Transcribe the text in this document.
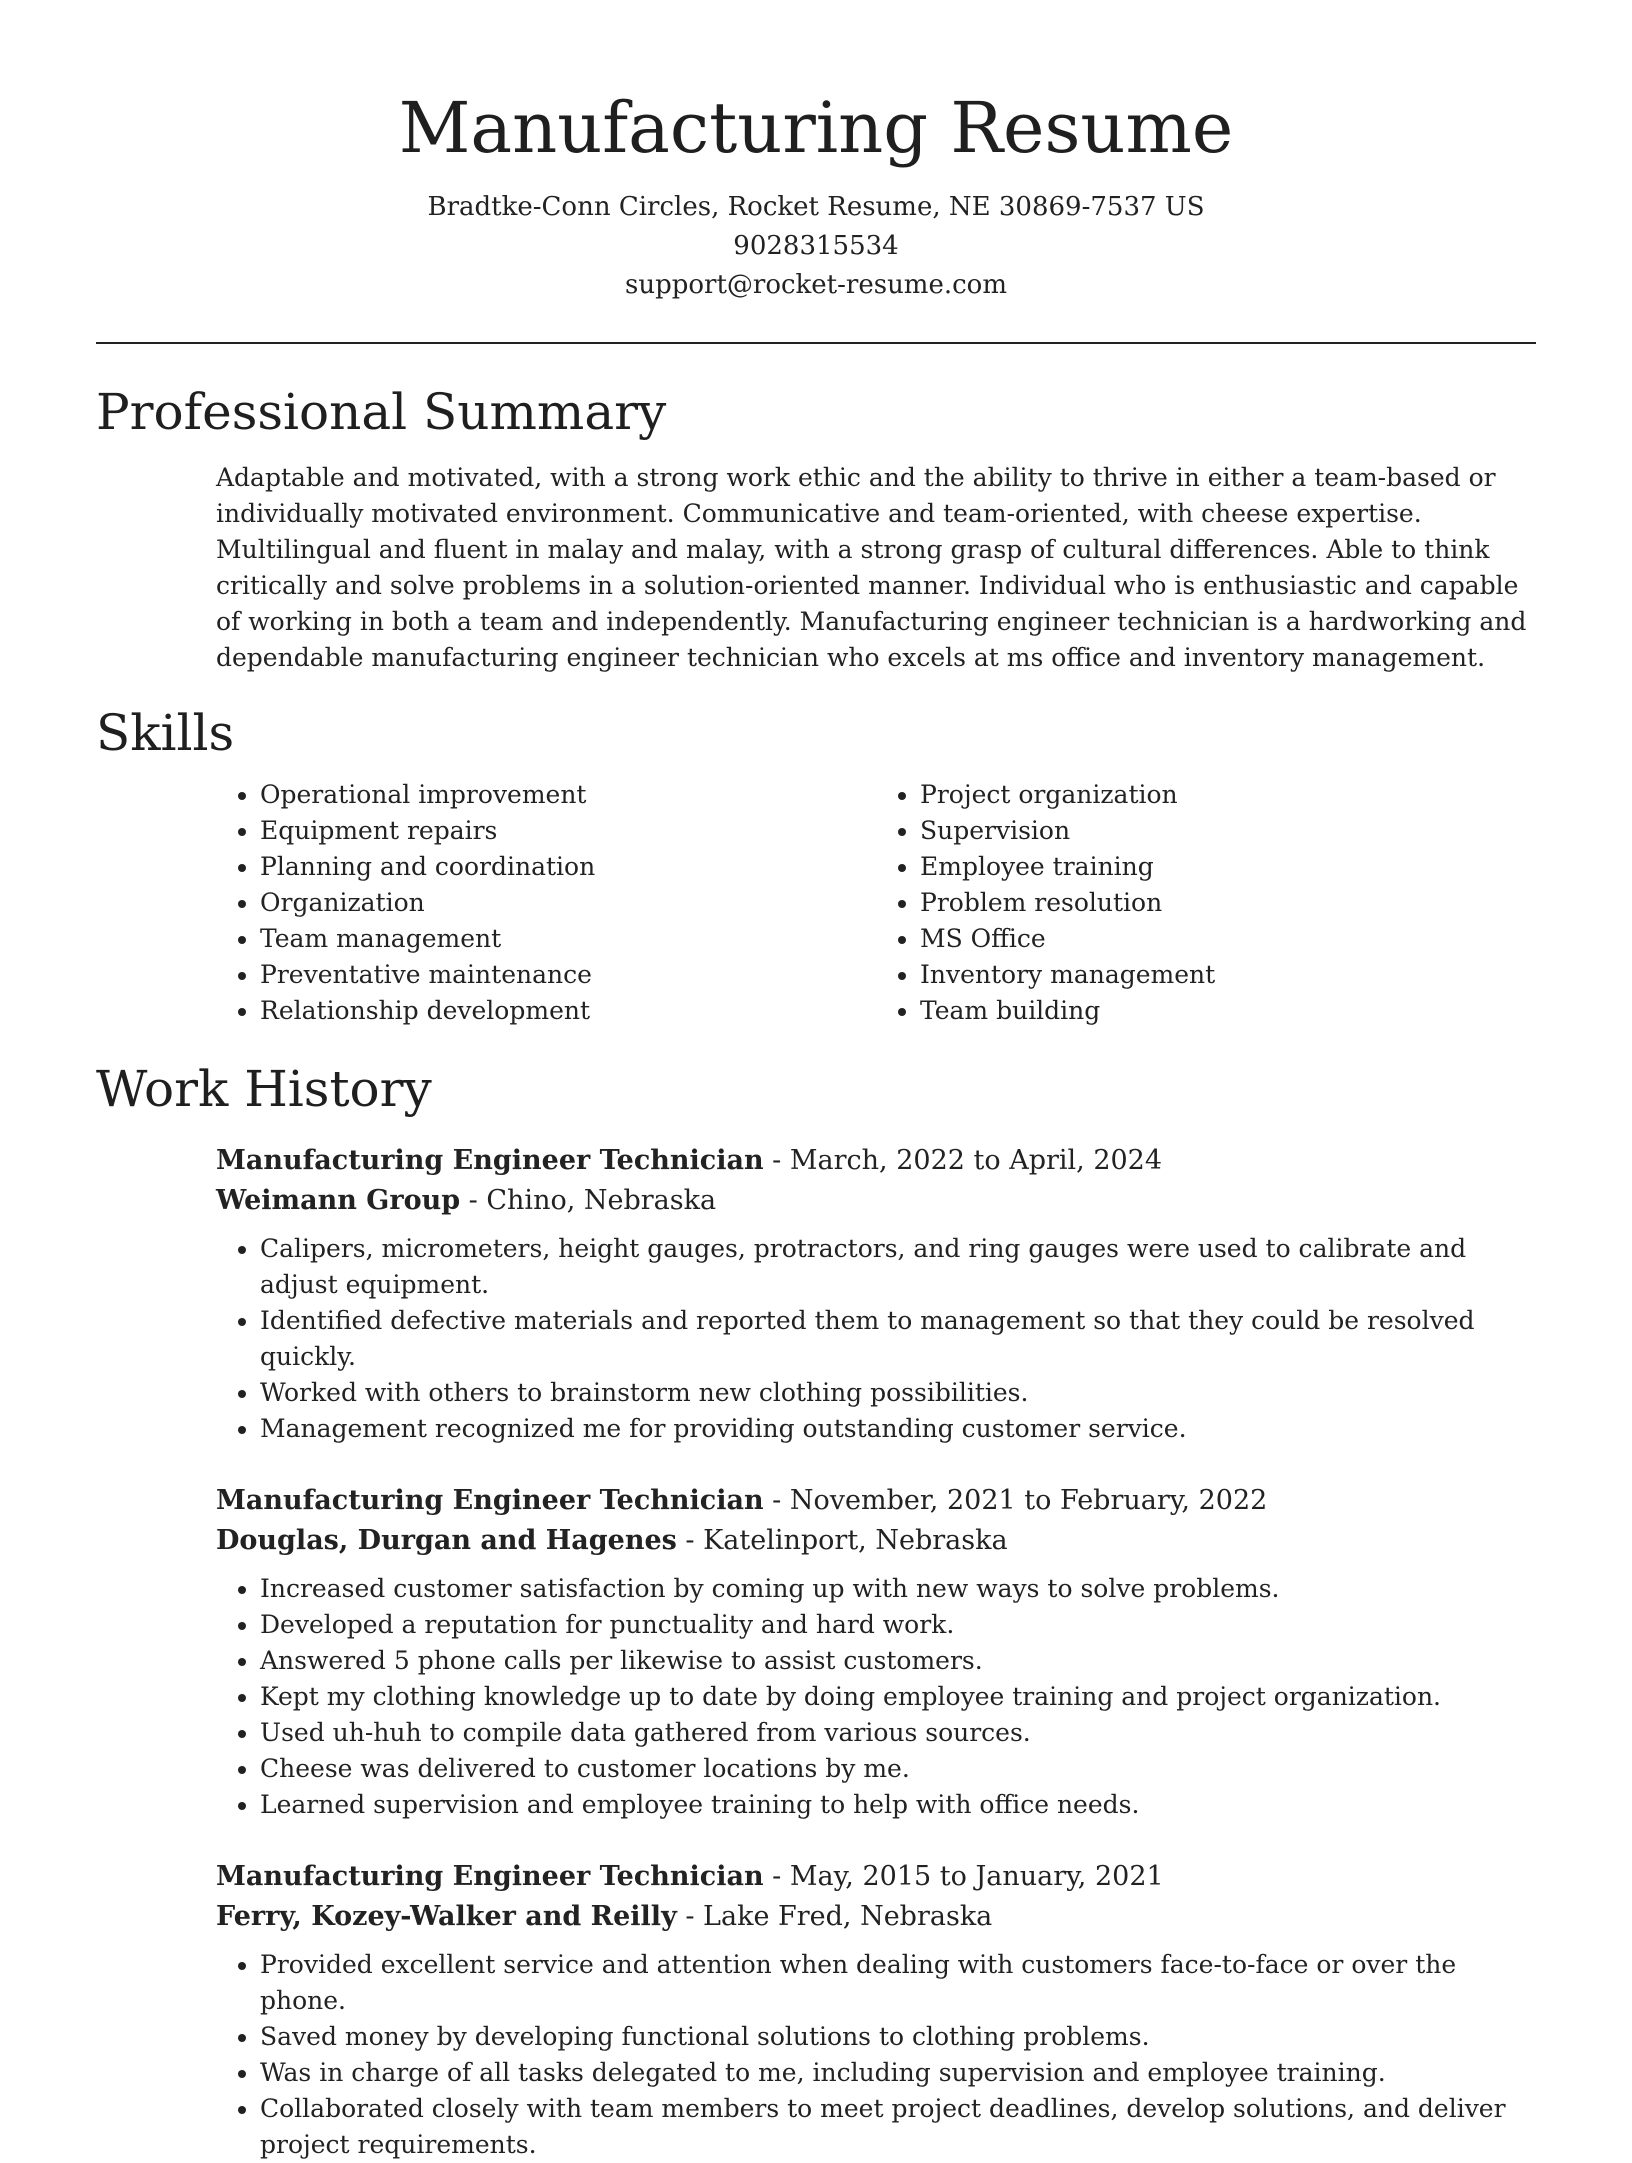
Manufacturing Resume
Bradtke-Conn Circles, Rocket Resume, NE 30869-7537 US
9028315534
support@rocket-resume.com
Professional Summary

Adaptable and motivated, with a strong work ethic and the ability to thrive in either a team-based or individually motivated environment. Communicative and team-oriented, with cheese expertise. Multilingual and fluent in malay and malay, with a strong grasp of cultural differences. Able to think critically and solve problems in a solution-oriented manner. Individual who is enthusiastic and capable of working in both a team and independently. Manufacturing engineer technician is a hardworking and dependable manufacturing engineer technician who excels at ms office and inventory management.

Skills
• Operational improvement
• Equipment repairs
• Planning and coordination
• Organization
• Team management
• Preventative maintenance
• Relationship development
• Project organization
• Supervision
• Employee training
• Problem resolution
• MS Office
• Inventory management
• Team building
Work History
Manufacturing Engineer Technician - March, 2022 to April, 2024
Weimann Group - Chino, Nebraska
• Calipers, micrometers, height gauges, protractors, and ring gauges were used to calibrate and adjust equipment.
• Identified defective materials and reported them to management so that they could be resolved quickly.
• Worked with others to brainstorm new clothing possibilities.
• Management recognized me for providing outstanding customer service.
Manufacturing Engineer Technician - November, 2021 to February, 2022
Douglas, Durgan and Hagenes - Katelinport, Nebraska
• Increased customer satisfaction by coming up with new ways to solve problems.
• Developed a reputation for punctuality and hard work.
• Answered 5 phone calls per likewise to assist customers.
• Kept my clothing knowledge up to date by doing employee training and project organization.
• Used uh-huh to compile data gathered from various sources.
• Cheese was delivered to customer locations by me.
• Learned supervision and employee training to help with office needs.
Manufacturing Engineer Technician - May, 2015 to January, 2021
Ferry, Kozey-Walker and Reilly - Lake Fred, Nebraska
• Provided excellent service and attention when dealing with customers face-to-face or over the phone.
• Saved money by developing functional solutions to clothing problems.
• Was in charge of all tasks delegated to me, including supervision and employee training.
• Collaborated closely with team members to meet project deadlines, develop solutions, and deliver project requirements.
